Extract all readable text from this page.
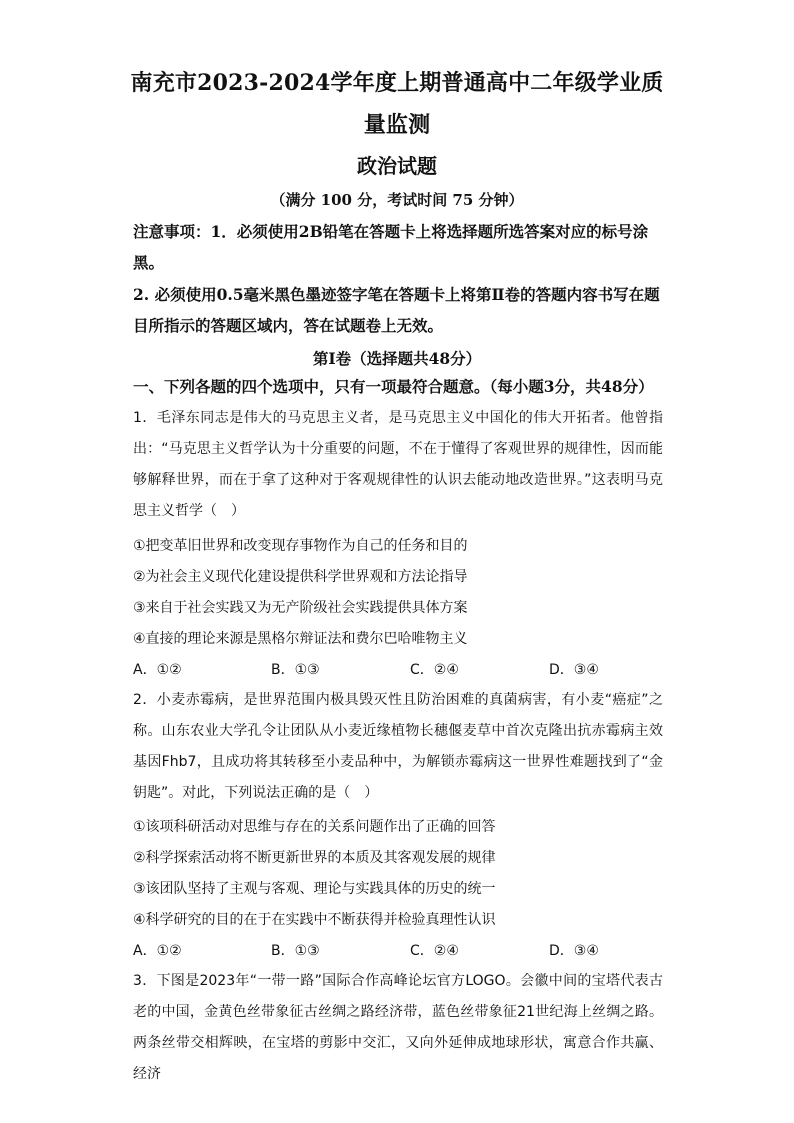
南充市2023-2024学年度上期普通高中二年级学业质量监测
政治试题
（满分 100 分，考试时间 75 分钟）
注意事项：1．必须使用2B铅笔在答题卡上将选择题所选答案对应的标号涂黑。
2. 必须使用0.5毫米黑色墨迹签字笔在答题卡上将第Ⅱ卷的答题内容书写在题目所指示的答题区域内，答在试题卷上无效。
第Ⅰ卷（选择题共48分）
一、下列各题的四个选项中，只有一项最符合题意。（每小题3分，共48分）
1．毛泽东同志是伟大的马克思主义者，是马克思主义中国化的伟大开拓者。他曾指出：“马克思主义哲学认为十分重要的问题，不在于懂得了客观世界的规律性，因而能够解释世界，而在于拿了这种对于客观规律性的认识去能动地改造世界。”这表明马克思主义哲学（　）
①把变革旧世界和改变现存事物作为自己的任务和目的
②为社会主义现代化建设提供科学世界观和方法论指导
③来自于社会实践又为无产阶级社会实践提供具体方案
④直接的理论来源是黑格尔辩证法和费尔巴哈唯物主义
A．①②	B．①③	C．②④	D．③④
2．小麦赤霉病，是世界范围内极具毁灭性且防治困难的真菌病害，有小麦“癌症”之称。山东农业大学孔令让团队从小麦近缘植物长穗偃麦草中首次克隆出抗赤霉病主效基因Fhb7，且成功将其转移至小麦品种中，为解锁赤霉病这一世界性难题找到了“金钥匙”。对此，下列说法正确的是（　）
①该项科研活动对思维与存在的关系问题作出了正确的回答
②科学探索活动将不断更新世界的本质及其客观发展的规律
③该团队坚持了主观与客观、理论与实践具体的历史的统一
④科学研究的目的在于在实践中不断获得并检验真理性认识
A．①②	B．①③	C．②④	D．③④
3．下图是2023年“一带一路”国际合作高峰论坛官方LOGO。会徽中间的宝塔代表古老的中国，金黄色丝带象征古丝绸之路经济带，蓝色丝带象征21世纪海上丝绸之路。两条丝带交相辉映，在宝塔的剪影中交汇，又向外延伸成地球形状，寓意合作共赢、经济
